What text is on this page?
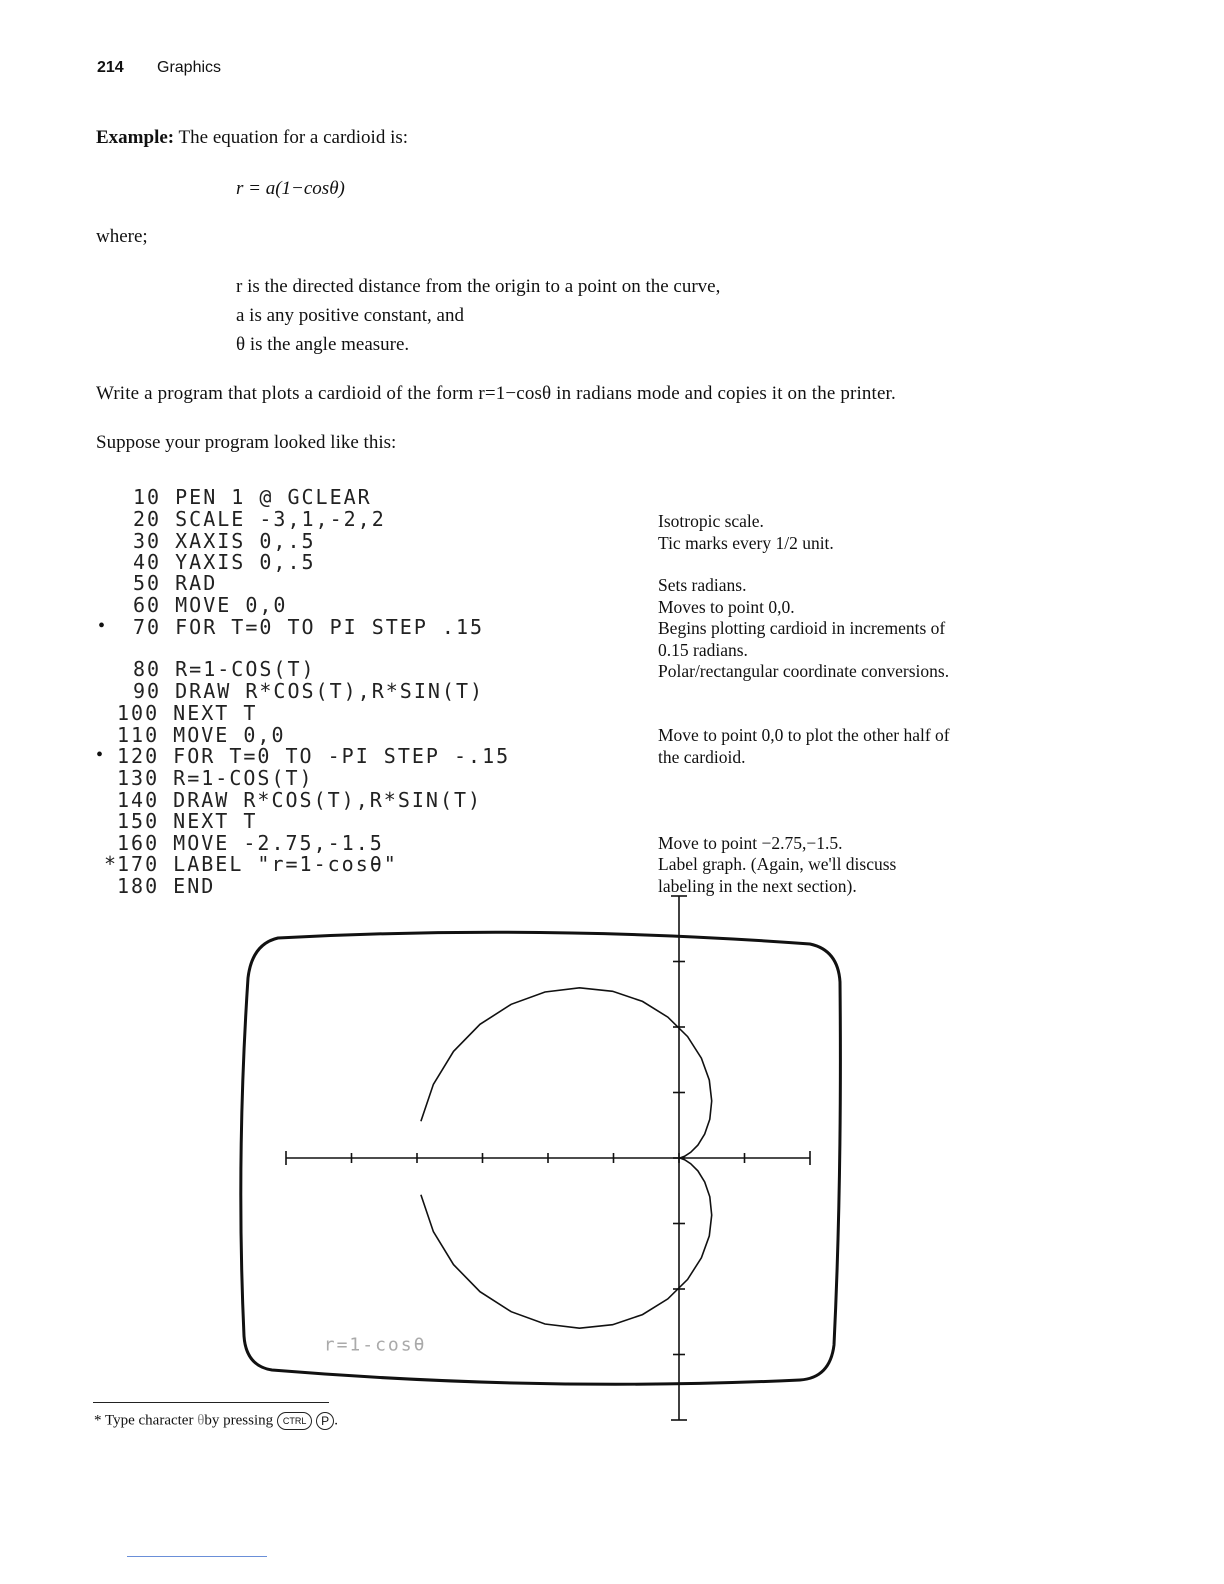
214 Graphics
Example: The equation for a cardioid is:
r = a(1−cosθ)
where;
r is the directed distance from the origin to a point on the curve,
a is any positive constant, and
θ is the angle measure.
Write a program that plots a cardioid of the form r=1−cosθ in radians mode and copies it on the printer.
Suppose your program looked like this:
•
•
*
10 PEN 1 @ GCLEAR
20 SCALE -3,1,-2,2
30 XAXIS 0,.5
40 YAXIS 0,.5
50 RAD
60 MOVE 0,0
70 FOR T=0 TO PI STEP .15
80 R=1-COS(T)
90 DRAW R*COS(T),R*SIN(T)
100 NEXT T
110 MOVE 0,0
120 FOR T=0 TO -PI STEP -.15
130 R=1-COS(T)
140 DRAW R*COS(T),R*SIN(T)
150 NEXT T
160 MOVE -2.75,-1.5
170 LABEL "r=1-cosθ"
180 END
Isotropic scale.
Tic marks every 1/2 unit.
Sets radians.
Moves to point 0,0.
Begins plotting cardioid in increments of
0.15 radians.
Polar/rectangular coordinate conversions.
Move to point 0,0 to plot the other half of
the cardioid.
Move to point −2.75,−1.5.
Label graph. (Again, we'll discuss
labeling in the next section).
r=1-cosθ
* Type character θby pressing CTRL P .
